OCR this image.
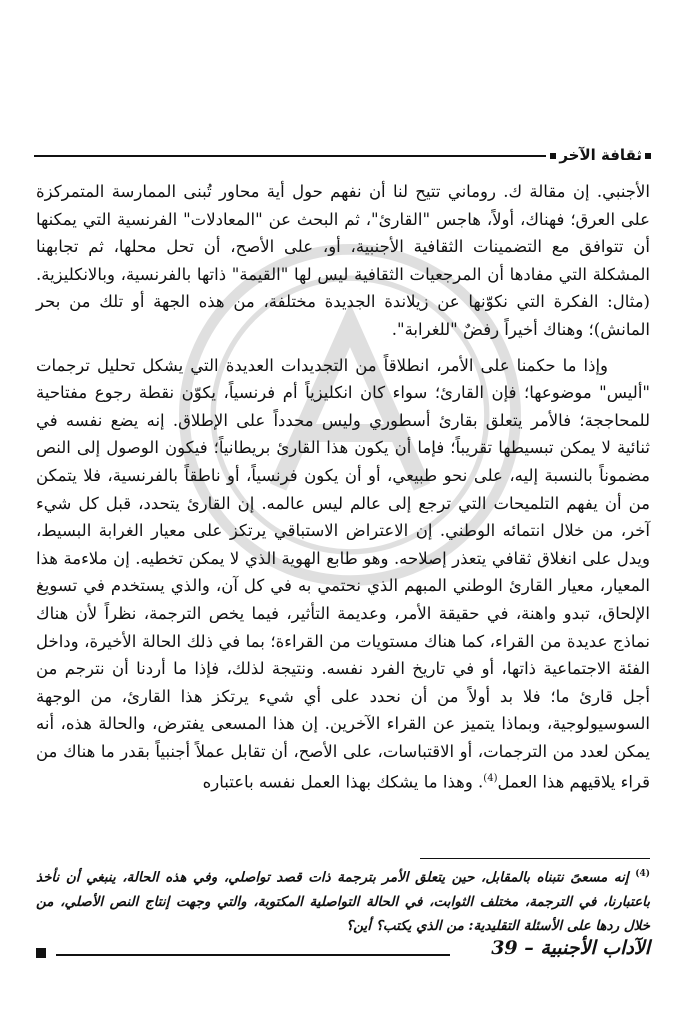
ثقافة الآخر

الأجنبي. إن مقالة ك. روماني تتيح لنا أن نفهم حول أية محاور تُبنى الممارسة المتمركزة على العرق؛ فهناك، أولاً، هاجس "القارئ"، ثم البحث عن "المعادلات" الفرنسية التي يمكنها أن تتوافق مع التضمينات الثقافية الأجنبية، أو، على الأصح، أن تحل محلها، ثم تجابهنا المشكلة التي مفادها أن المرجعيات الثقافية ليس لها "القيمة" ذاتها بالفرنسية، وبالانكليزية. (مثال: الفكرة التي نكوّنها عن زيلاندة الجديدة مختلفة، من هذه الجهة أو تلك من بحر المانش)؛ وهناك أخيراً رفضٌ "للغرابة".

وإذا ما حكمنا على الأمر، انطلاقاً من التجديدات العديدة التي يشكل تحليل ترجمات "أليس" موضوعها؛ فإن القارئ؛ سواء كان انكليزياً أم فرنسياً، يكوّن نقطة رجوع مفتاحية للمحاججة؛ فالأمر يتعلق بقارئ أسطوري وليس محدداً على الإطلاق. إنه يضع نفسه في ثنائية لا يمكن تبسيطها تقريباً؛ فإما أن يكون هذا القارئ بريطانياً؛ فيكون الوصول إلى النص مضموناً بالنسبة إليه، على نحو طبيعي، أو أن يكون فرنسياً، أو ناطقاً بالفرنسية، فلا يتمكن من أن يفهم التلميحات التي ترجع إلى عالم ليس عالمه. إن القارئ يتحدد، قبل كل شيء آخر، من خلال انتمائه الوطني. إن الاعتراض الاستباقي يرتكز على معيار الغرابة البسيط، ويدل على انغلاق ثقافي يتعذر إصلاحه. وهو طابع الهوية الذي لا يمكن تخطيه. إن ملاءمة هذا المعيار، معيار القارئ الوطني المبهم الذي نحتمي به في كل آن، والذي يستخدم في تسويغ الإلحاق، تبدو واهنة، في حقيقة الأمر، وعديمة التأثير، فيما يخص الترجمة، نظراً لأن هناك نماذج عديدة من القراء، كما هناك مستويات من القراءة؛ بما في ذلك الحالة الأخيرة، وداخل الفئة الاجتماعية ذاتها، أو في تاريخ الفرد نفسه. ونتيجة لذلك، فإذا ما أردنا أن نترجم من أجل قارئ ما؛ فلا بد أولاً من أن نحدد على أي شيء يرتكز هذا القارئ، من الوجهة السوسيولوجية، وبماذا يتميز عن القراء الآخرين. إن هذا المسعى يفترض، والحالة هذه، أنه يمكن لعدد من الترجمات، أو الاقتباسات، على الأصح، أن تقابل عملاً أجنبياً بقدر ما هناك من قراء يلاقيهم هذا العمل$^{(4)}$. وهذا ما يشكك بهذا العمل نفسه باعتباره

$^{(4)}$ إنه مسعىً نتبناه بالمقابل، حين يتعلق الأمر بترجمة ذات قصد تواصلي، وفي هذه الحالة، ينبغي أن نأخذ باعتبارنا، في الترجمة، مختلف الثوابت، في الحالة التواصلية المكتوبة، والتي وجهت إنتاج النص الأصلي، من خلال ردها على الأسئلة التقليدية: من الذي يكتب؟ أين؟

الآداب الأجنبية – 39
